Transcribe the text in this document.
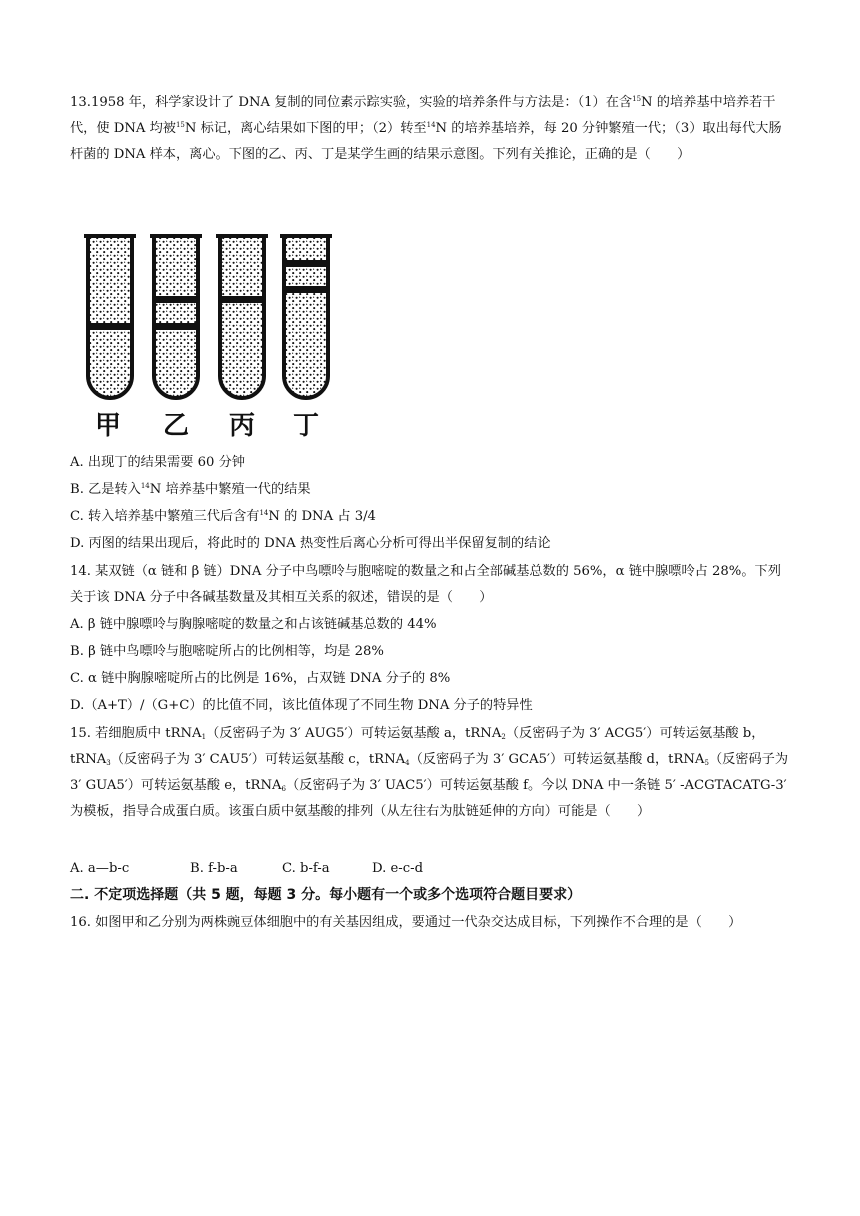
13.1958 年，科学家设计了 DNA 复制的同位素示踪实验，实验的培养条件与方法是：（1）在含$^{15}$N 的培养基中培养若干代，使 DNA 均被$^{15}$N 标记，离心结果如下图的甲；（2）转至$^{14}$N 的培养基培养，每 20 分钟繁殖一代；（3）取出每代大肠杆菌的 DNA 样本，离心。下图的乙、丙、丁是某学生画的结果示意图。下列有关推论，正确的是（　　）

甲 乙 丙 丁

A. 出现丁的结果需要 60 分钟

B. 乙是转入$^{14}$N 培养基中繁殖一代的结果

C. 转入培养基中繁殖三代后含有$^{14}$N 的 DNA 占 3/4

D. 丙图的结果出现后，将此时的 DNA 热变性后离心分析可得出半保留复制的结论

14. 某双链（α 链和 β 链）DNA 分子中鸟嘌呤与胞嘧啶的数量之和占全部碱基总数的 56%，α 链中腺嘌呤占 28%。下列关于该 DNA 分子中各碱基数量及其相互关系的叙述，错误的是（　　）

A. β 链中腺嘌呤与胸腺嘧啶的数量之和占该链碱基总数的 44%

B. β 链中鸟嘌呤与胞嘧啶所占的比例相等，均是 28%

C. α 链中胸腺嘧啶所占的比例是 16%，占双链 DNA 分子的 8%

D.（A+T）/（G+C）的比值不同，该比值体现了不同生物 DNA 分子的特异性

15. 若细胞质中 tRNA$_1$（反密码子为 3′ AUG5′）可转运氨基酸 a，tRNA$_2$（反密码子为 3′ ACG5′）可转运氨基酸 b，tRNA$_3$（反密码子为 3′ CAU5′）可转运氨基酸 c，tRNA$_4$（反密码子为 3′ GCA5′）可转运氨基酸 d，tRNA$_5$（反密码子为 3′ GUA5′）可转运氨基酸 e，tRNA$_6$（反密码子为 3′ UAC5′）可转运氨基酸 f。今以 DNA 中一条链 5′ -ACGTACATG-3′ 为模板，指导合成蛋白质。该蛋白质中氨基酸的排列（从左往右为肽链延伸的方向）可能是（　　）

A. a—b-c	B. f-b-a	C. b-f-a	D. e-c-d

二. 不定项选择题（共 5 题，每题 3 分。每小题有一个或多个选项符合题目要求）

16. 如图甲和乙分别为两株豌豆体细胞中的有关基因组成，要通过一代杂交达成目标，下列操作不合理的是（　　）
